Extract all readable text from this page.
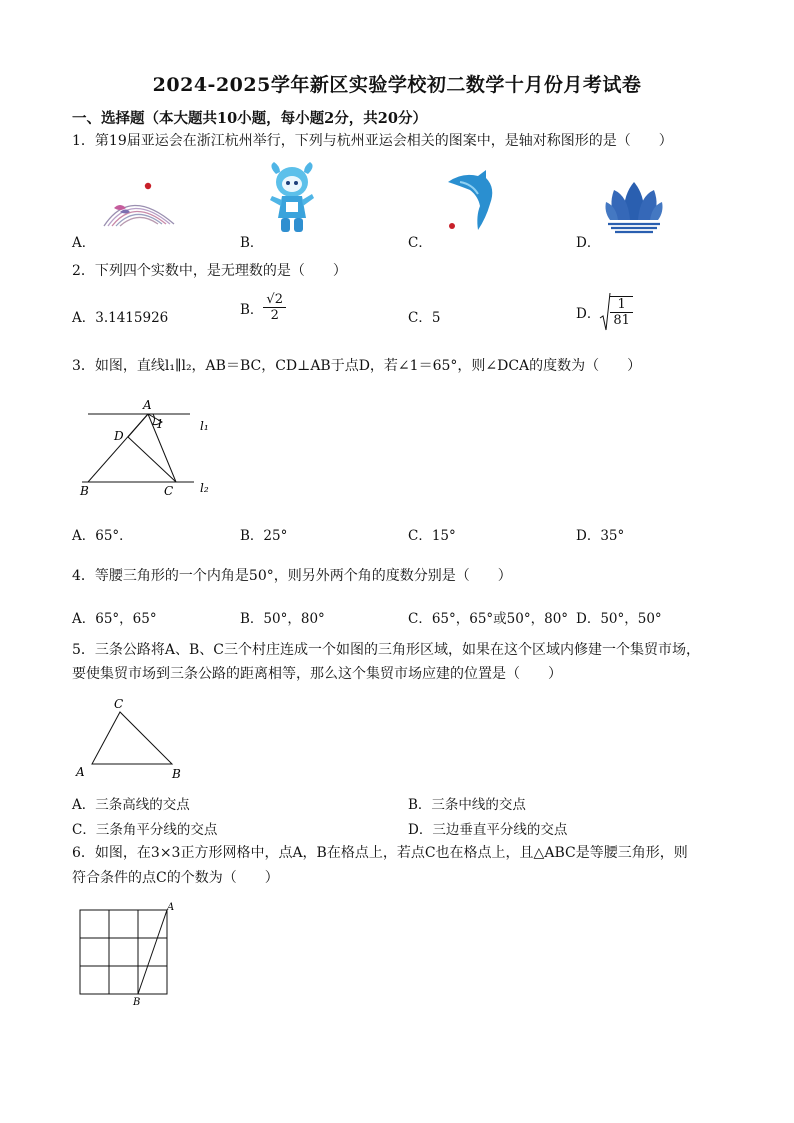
2024-2025学年新区实验学校初二数学十月份月考试卷
一、选择题（本大题共10小题，每小题2分，共20分）
1．第19届亚运会在浙江杭州举行，下列与杭州亚运会相关的图案中，是轴对称图形的是（　　）
A．	B．	C．	D．
2．下列四个实数中，是无理数的是（　　）
A．3.1415926
B． $\frac{√2}{2}$	C．5	D． $\frac{1}{81}$
3．如图，直线l₁∥l₂，AB＝BC，CD⊥AB于点D，若∠1＝65°，则∠DCA的度数为（　　）
A
D
1	l₁
B	C l₂
A．65°．	B．25°	C．15°	D．35°
4．等腰三角形的一个内角是50°，则另外两个角的度数分别是（　　）
A．65°，65°	B．50°，80°	C．65°，65°或50°，80° D．50°，50°
5．三条公路将A、B、C三个村庄连成一个如图的三角形区域，如果在这个区域内修建一个集贸市场，
要使集贸市场到三条公路的距离相等，那么这个集贸市场应建的位置是（　　）
C
A	B
A．三条高线的交点	B．三条中线的交点
C．三条角平分线的交点	D．三边垂直平分线的交点
6．如图，在3×3正方形网格中，点A，B在格点上，若点C也在格点上，且△ABC是等腰三角形，则
符合条件的点C的个数为（　　）
A
B
